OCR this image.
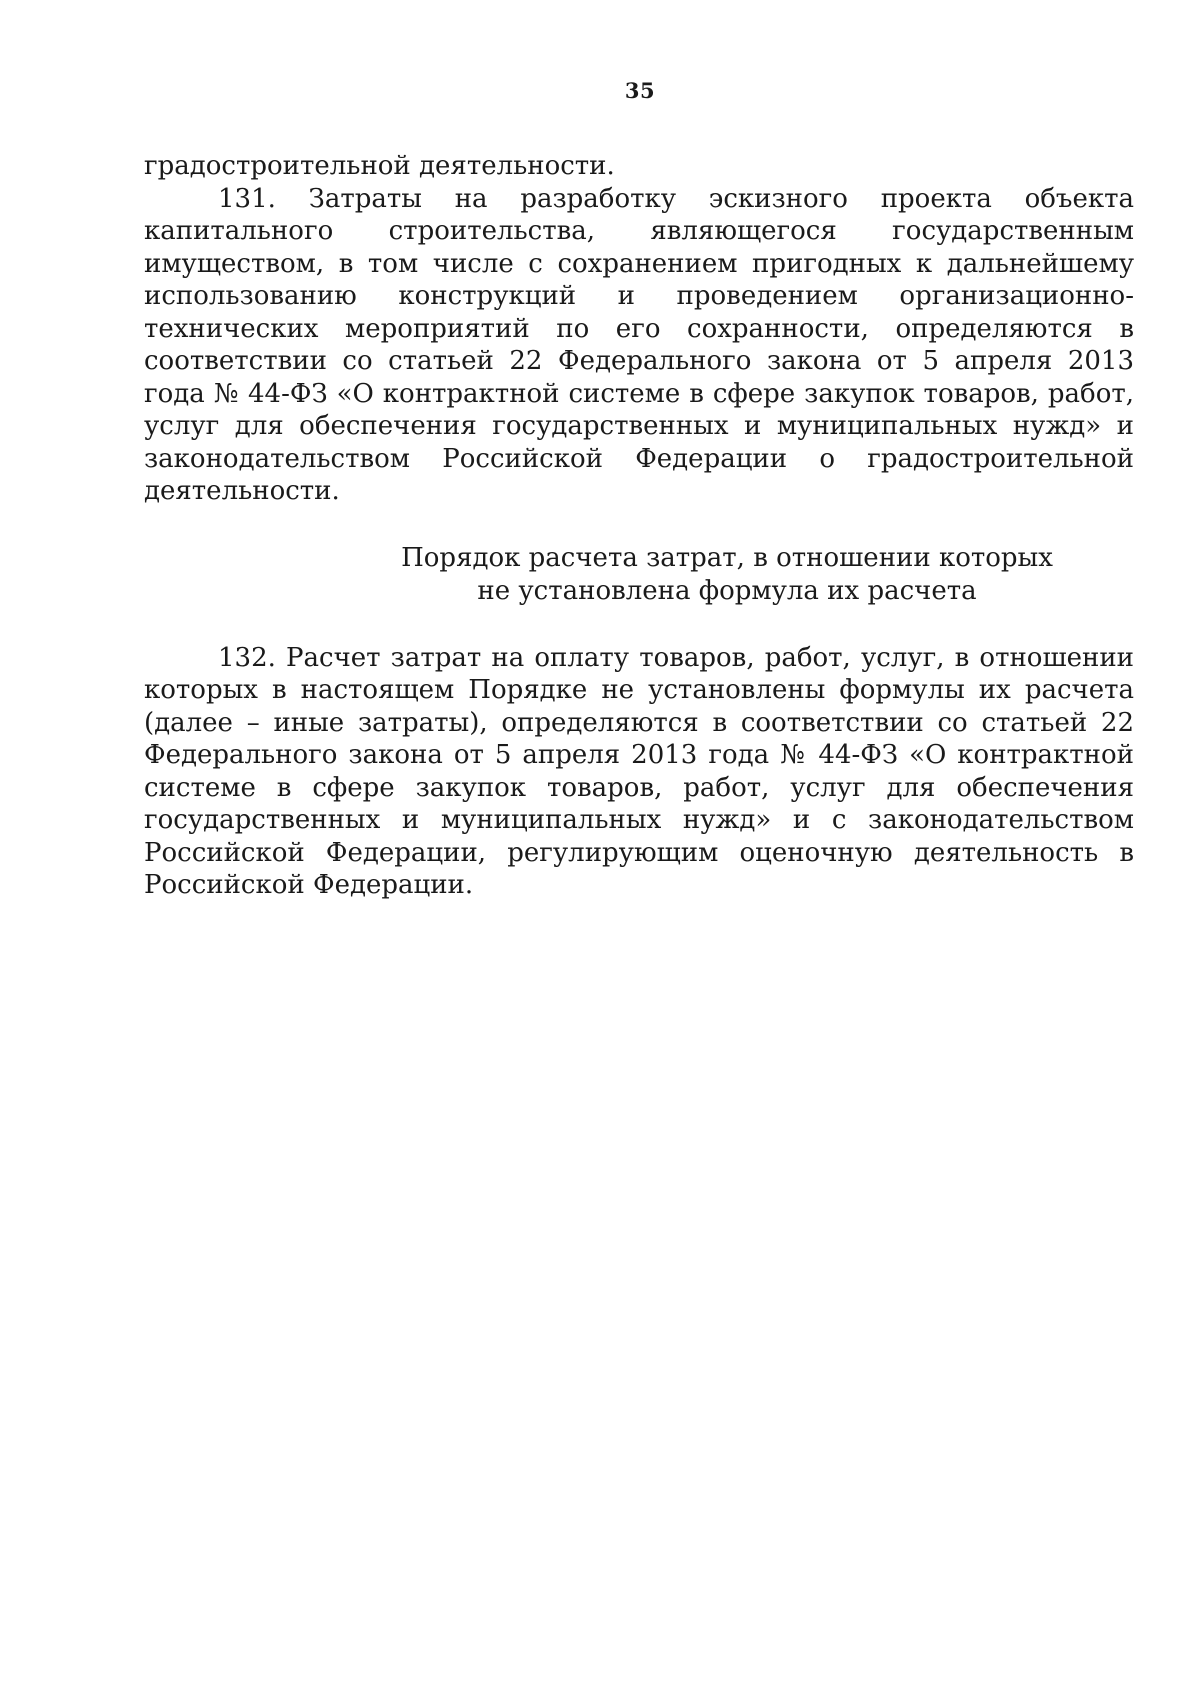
35

градостроительной деятельности.

131. Затраты на разработку эскизного проекта объекта капитального строительства, являющегося государственным имуществом, в том числе с сохранением пригодных к дальнейшему использованию конструкций и проведением организационно-технических мероприятий по его сохранности, определяются в соответствии со статьей 22 Федерального закона от 5 апреля 2013 года № 44-ФЗ «О контрактной системе в сфере закупок товаров, работ, услуг для обеспечения государственных и муниципальных нужд» и законодательством Российской Федерации о градостроительной деятельности.

Порядок расчета затрат, в отношении которых
не установлена формула их расчета

132. Расчет затрат на оплату товаров, работ, услуг, в отношении которых в настоящем Порядке не установлены формулы их расчета (далее – иные затраты), определяются в соответствии со статьей 22 Федерального закона от 5 апреля 2013 года № 44-ФЗ «О контрактной системе в сфере закупок товаров, работ, услуг для обеспечения государственных и муниципальных нужд» и с законодательством Российской Федерации, регулирующим оценочную деятельность в Российской Федерации.
